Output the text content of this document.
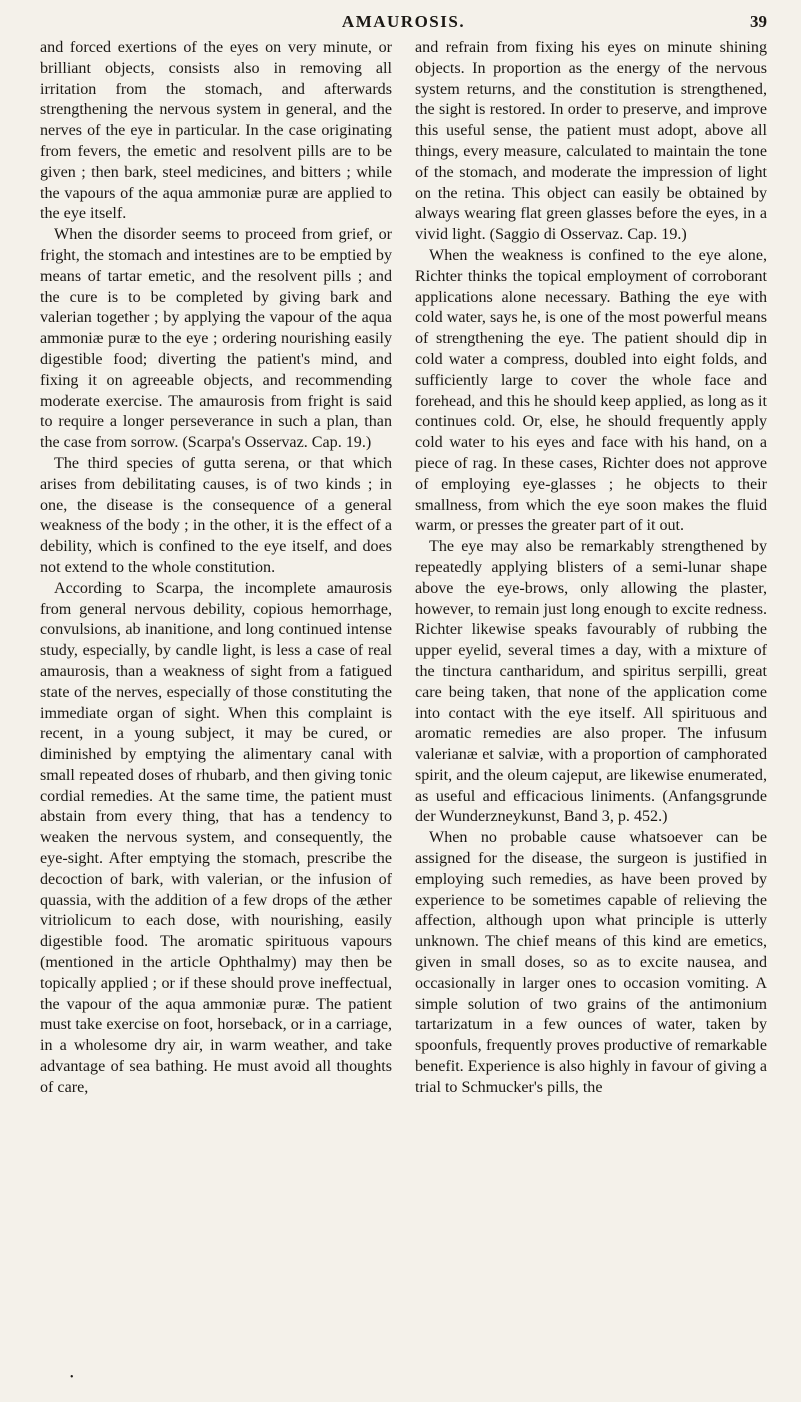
AMAUROSIS.	39

and forced exertions of the eyes on very minute, or brilliant objects, consists also in removing all irritation from the stomach, and afterwards strengthening the nervous system in general, and the nerves of the eye in particular. In the case originating from fevers, the emetic and resolvent pills are to be given ; then bark, steel medicines, and bitters ; while the vapours of the aqua ammoniæ puræ are applied to the eye itself.

When the disorder seems to proceed from grief, or fright, the stomach and intestines are to be emptied by means of tartar emetic, and the resolvent pills ; and the cure is to be completed by giving bark and valerian together ; by applying the vapour of the aqua ammoniæ puræ to the eye ; ordering nourishing easily digestible food; diverting the patient's mind, and fixing it on agreeable objects, and recommending moderate exercise. The amaurosis from fright is said to require a longer perseverance in such a plan, than the case from sorrow. (Scarpa's Osservaz. Cap. 19.)

The third species of gutta serena, or that which arises from debilitating causes, is of two kinds ; in one, the disease is the consequence of a general weakness of the body ; in the other, it is the effect of a debility, which is confined to the eye itself, and does not extend to the whole constitution.

According to Scarpa, the incomplete amaurosis from general nervous debility, copious hemorrhage, convulsions, ab inanitione, and long continued intense study, especially, by candle light, is less a case of real amaurosis, than a weakness of sight from a fatigued state of the nerves, especially of those constituting the immediate organ of sight. When this complaint is recent, in a young subject, it may be cured, or diminished by emptying the alimentary canal with small repeated doses of rhubarb, and then giving tonic cordial remedies. At the same time, the patient must abstain from every thing, that has a tendency to weaken the nervous system, and consequently, the eye-sight. After emptying the stomach, prescribe the decoction of bark, with valerian, or the infusion of quassia, with the addition of a few drops of the æther vitriolicum to each dose, with nourishing, easily digestible food. The aromatic spirituous vapours (mentioned in the article Ophthalmy) may then be topically applied ; or if these should prove ineffectual, the vapour of the aqua ammoniæ puræ. The patient must take exercise on foot, horseback, or in a carriage, in a wholesome dry air, in warm weather, and take advantage of sea bathing. He must avoid all thoughts of care,

and refrain from fixing his eyes on minute shining objects. In proportion as the energy of the nervous system returns, and the constitution is strengthened, the sight is restored. In order to preserve, and improve this useful sense, the patient must adopt, above all things, every measure, calculated to maintain the tone of the stomach, and moderate the impression of light on the retina. This object can easily be obtained by always wearing flat green glasses before the eyes, in a vivid light. (Saggio di Osservaz. Cap. 19.)

When the weakness is confined to the eye alone, Richter thinks the topical employment of corroborant applications alone necessary. Bathing the eye with cold water, says he, is one of the most powerful means of strengthening the eye. The patient should dip in cold water a compress, doubled into eight folds, and sufficiently large to cover the whole face and forehead, and this he should keep applied, as long as it continues cold. Or, else, he should frequently apply cold water to his eyes and face with his hand, on a piece of rag. In these cases, Richter does not approve of employing eye-glasses ; he objects to their smallness, from which the eye soon makes the fluid warm, or presses the greater part of it out.

The eye may also be remarkably strengthened by repeatedly applying blisters of a semi-lunar shape above the eye-brows, only allowing the plaster, however, to remain just long enough to excite redness. Richter likewise speaks favourably of rubbing the upper eyelid, several times a day, with a mixture of the tinctura cantharidum, and spiritus serpilli, great care being taken, that none of the application come into contact with the eye itself. All spirituous and aromatic remedies are also proper. The infusum valerianæ et salviæ, with a proportion of camphorated spirit, and the oleum cajeput, are likewise enumerated, as useful and efficacious liniments. (Anfangsgrunde der Wunderzneykunst, Band 3, p. 452.)

When no probable cause whatsoever can be assigned for the disease, the surgeon is justified in employing such remedies, as have been proved by experience to be sometimes capable of relieving the affection, although upon what principle is utterly unknown. The chief means of this kind are emetics, given in small doses, so as to excite nausea, and occasionally in larger ones to occasion vomiting. A simple solution of two grains of the antimonium tartarizatum in a few ounces of water, taken by spoonfuls, frequently proves productive of remarkable benefit. Experience is also highly in favour of giving a trial to Schmucker's pills, the

•
